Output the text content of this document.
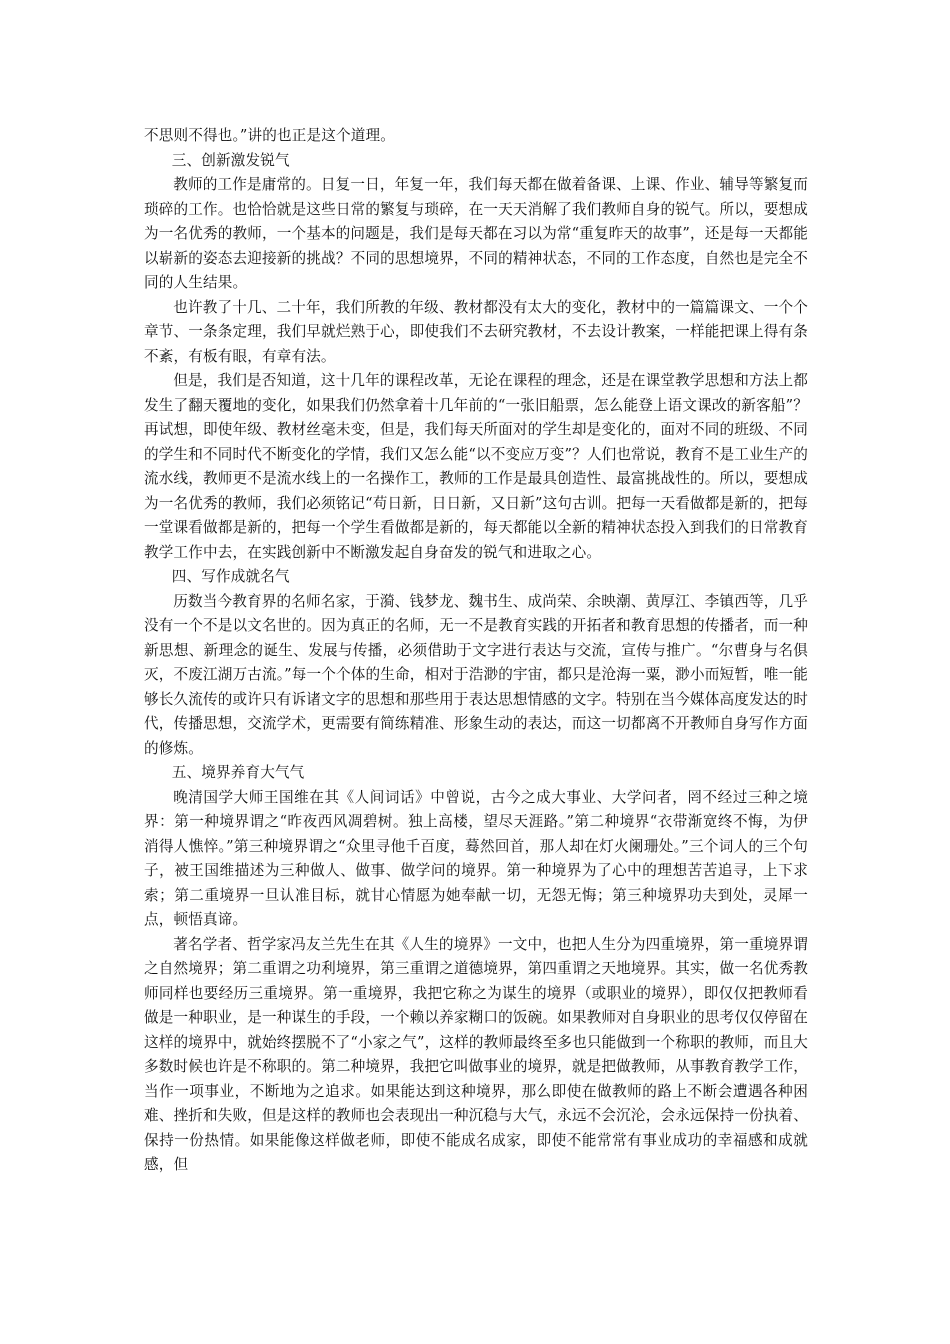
不思则不得也。”讲的也正是这个道理。

三、创新激发锐气

教师的工作是庸常的。日复一日，年复一年，我们每天都在做着备课、上课、作业、辅导等繁复而琐碎的工作。也恰恰就是这些日常的繁复与琐碎，在一天天消解了我们教师自身的锐气。所以，要想成为一名优秀的教师，一个基本的问题是，我们是每天都在习以为常“重复昨天的故事”，还是每一天都能以崭新的姿态去迎接新的挑战？不同的思想境界，不同的精神状态，不同的工作态度，自然也是完全不同的人生结果。

也许教了十几、二十年，我们所教的年级、教材都没有太大的变化，教材中的一篇篇课文、一个个章节、一条条定理，我们早就烂熟于心，即使我们不去研究教材，不去设计教案，一样能把课上得有条不紊，有板有眼，有章有法。

但是，我们是否知道，这十几年的课程改革，无论在课程的理念，还是在课堂教学思想和方法上都发生了翻天覆地的变化，如果我们仍然拿着十几年前的“一张旧船票，怎么能登上语文课改的新客船”？再试想，即使年级、教材丝毫未变，但是，我们每天所面对的学生却是变化的，面对不同的班级、不同的学生和不同时代不断变化的学情，我们又怎么能“以不变应万变”？人们也常说，教育不是工业生产的流水线，教师更不是流水线上的一名操作工，教师的工作是最具创造性、最富挑战性的。所以，要想成为一名优秀的教师，我们必须铭记“苟日新，日日新，又日新”这句古训。把每一天看做都是新的，把每一堂课看做都是新的，把每一个学生看做都是新的，每天都能以全新的精神状态投入到我们的日常教育教学工作中去，在实践创新中不断激发起自身奋发的锐气和进取之心。

四、写作成就名气

历数当今教育界的名师名家，于漪、钱梦龙、魏书生、成尚荣、余映潮、黄厚江、李镇西等，几乎没有一个不是以文名世的。因为真正的名师，无一不是教育实践的开拓者和教育思想的传播者，而一种新思想、新理念的诞生、发展与传播，必须借助于文字进行表达与交流，宣传与推广。“尔曹身与名俱灭，不废江湖万古流。”每一个个体的生命，相对于浩渺的宇宙，都只是沧海一粟，渺小而短暂，唯一能够长久流传的或许只有诉诸文字的思想和那些用于表达思想情感的文字。特别在当今媒体高度发达的时代，传播思想，交流学术，更需要有简练精准、形象生动的表达，而这一切都离不开教师自身写作方面的修炼。

五、境界养育大气气

晚清国学大师王国维在其《人间词话》中曾说，古今之成大事业、大学问者，罔不经过三种之境界：第一种境界谓之“昨夜西风凋碧树。独上高楼，望尽天涯路。”第二种境界“衣带渐宽终不悔，为伊消得人憔悴。”第三种境界谓之“众里寻他千百度，蓦然回首，那人却在灯火阑珊处。”三个词人的三个句子，被王国维描述为三种做人、做事、做学问的境界。第一种境界为了心中的理想苦苦追寻，上下求索；第二重境界一旦认准目标，就甘心情愿为她奉献一切，无怨无悔；第三种境界功夫到处，灵犀一点，顿悟真谛。

著名学者、哲学家冯友兰先生在其《人生的境界》一文中，也把人生分为四重境界，第一重境界谓之自然境界；第二重谓之功利境界，第三重谓之道德境界，第四重谓之天地境界。其实，做一名优秀教师同样也要经历三重境界。第一重境界，我把它称之为谋生的境界（或职业的境界），即仅仅把教师看做是一种职业，是一种谋生的手段，一个赖以养家糊口的饭碗。如果教师对自身职业的思考仅仅停留在这样的境界中，就始终摆脱不了“小家之气”，这样的教师最终至多也只能做到一个称职的教师，而且大多数时候也许是不称职的。第二种境界，我把它叫做事业的境界，就是把做教师，从事教育教学工作，当作一项事业，不断地为之追求。如果能达到这种境界，那么即使在做教师的路上不断会遭遇各种困难、挫折和失败，但是这样的教师也会表现出一种沉稳与大气，永远不会沉沦，会永远保持一份执着、保持一份热情。如果能像这样做老师，即使不能成名成家，即使不能常常有事业成功的幸福感和成就感，但
